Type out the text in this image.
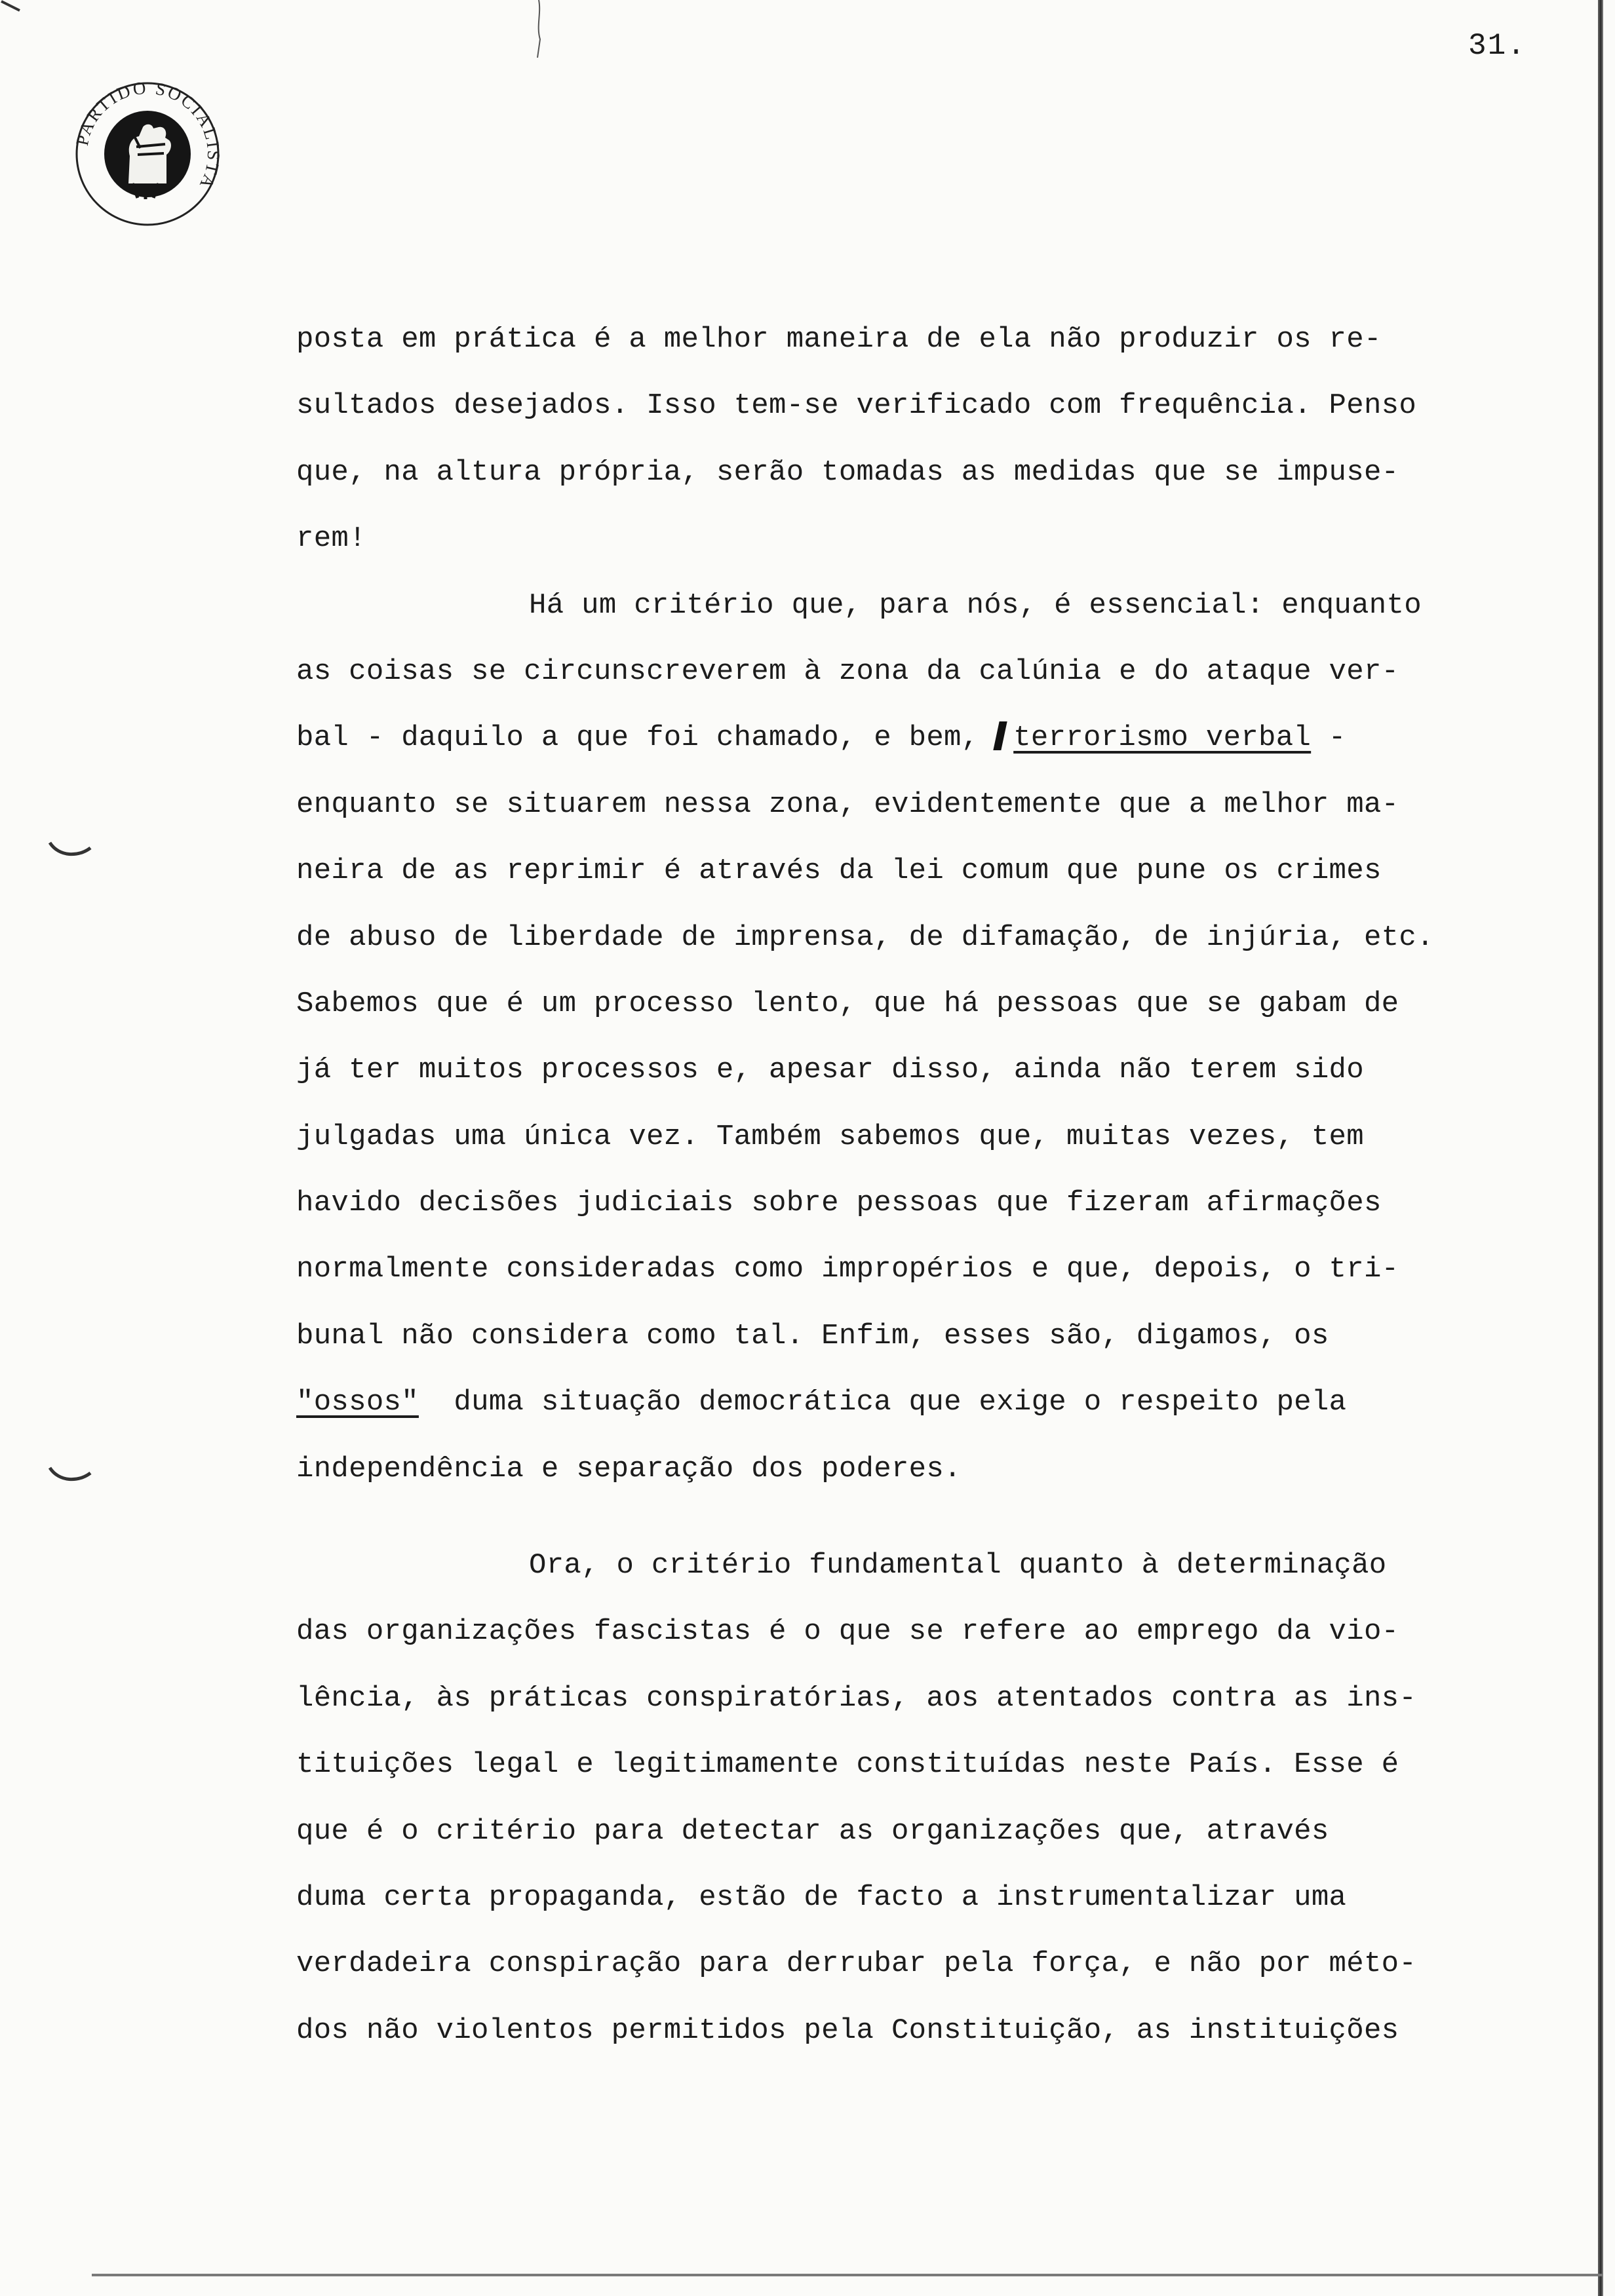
31.
PARTIDO SOCIALISTA
posta em prática é a melhor maneira de ela não produzir os re-
sultados desejados. Isso tem-se verificado com frequência. Penso
que, na altura própria, serão tomadas as medidas que se impuse-
rem!
Há um critério que, para nós, é essencial: enquanto
as coisas se circunscreverem à zona da calúnia e do ataque ver-
bal - daquilo a que foi chamado, e bem, terrorismo verbal -
enquanto se situarem nessa zona, evidentemente que a melhor ma-
neira de as reprimir é através da lei comum que pune os crimes
de abuso de liberdade de imprensa, de difamação, de injúria, etc.
Sabemos que é um processo lento, que há pessoas que se gabam de
já ter muitos processos e, apesar disso, ainda não terem sido
julgadas uma única vez. Também sabemos que, muitas vezes, tem
havido decisões judiciais sobre pessoas que fizeram afirmações
normalmente consideradas como impropérios e que, depois, o tri-
bunal não considera como tal. Enfim, esses são, digamos, os
"ossos" duma situação democrática que exige o respeito pela
independência e separação dos poderes.
Ora, o critério fundamental quanto à determinação
das organizações fascistas é o que se refere ao emprego da vio-
lência, às práticas conspiratórias, aos atentados contra as ins-
tituições legal e legitimamente constituídas neste País. Esse é
que é o critério para detectar as organizações que, através
duma certa propaganda, estão de facto a instrumentalizar uma
verdadeira conspiração para derrubar pela força, e não por méto-
dos não violentos permitidos pela Constituição, as instituições
